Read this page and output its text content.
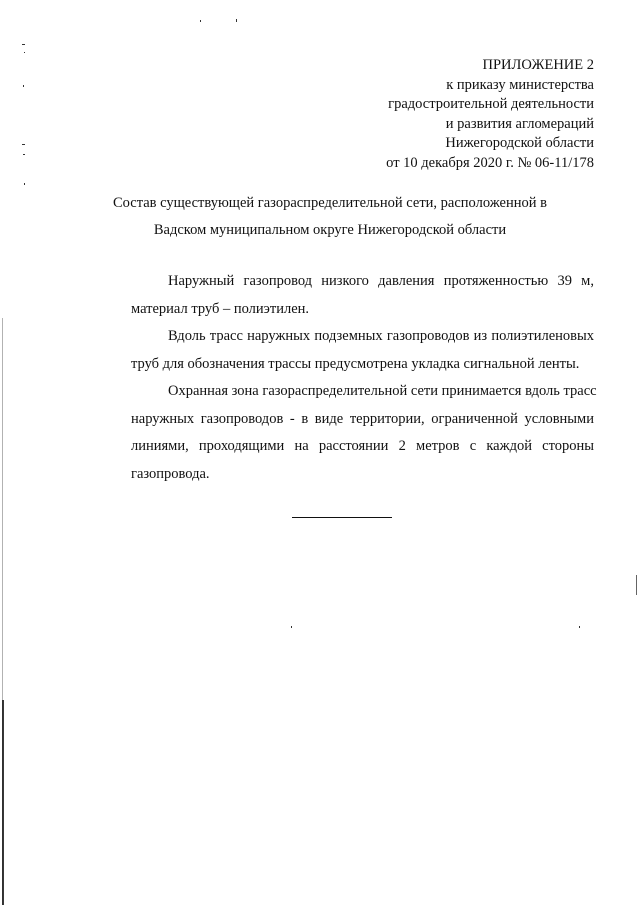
ПРИЛОЖЕНИЕ 2
к приказу министерства
градостроительной деятельности
и развития агломераций
Нижегородской области
от 10 декабря 2020 г. № 06-11/178
Состав существующей газораспределительной сети, расположенной в
Вадском муниципальном округе Нижегородской области
Наружный газопровод низкого давления протяженностью 39 м,
материал труб – полиэтилен.
Вдоль трасс наружных подземных газопроводов из полиэтиленовых
труб для обозначения трассы предусмотрена укладка сигнальной ленты.
Охранная зона газораспределительной сети принимается вдоль трасс
наружных газопроводов - в виде территории, ограниченной условными
линиями, проходящими на расстоянии 2 метров с каждой стороны
газопровода.
